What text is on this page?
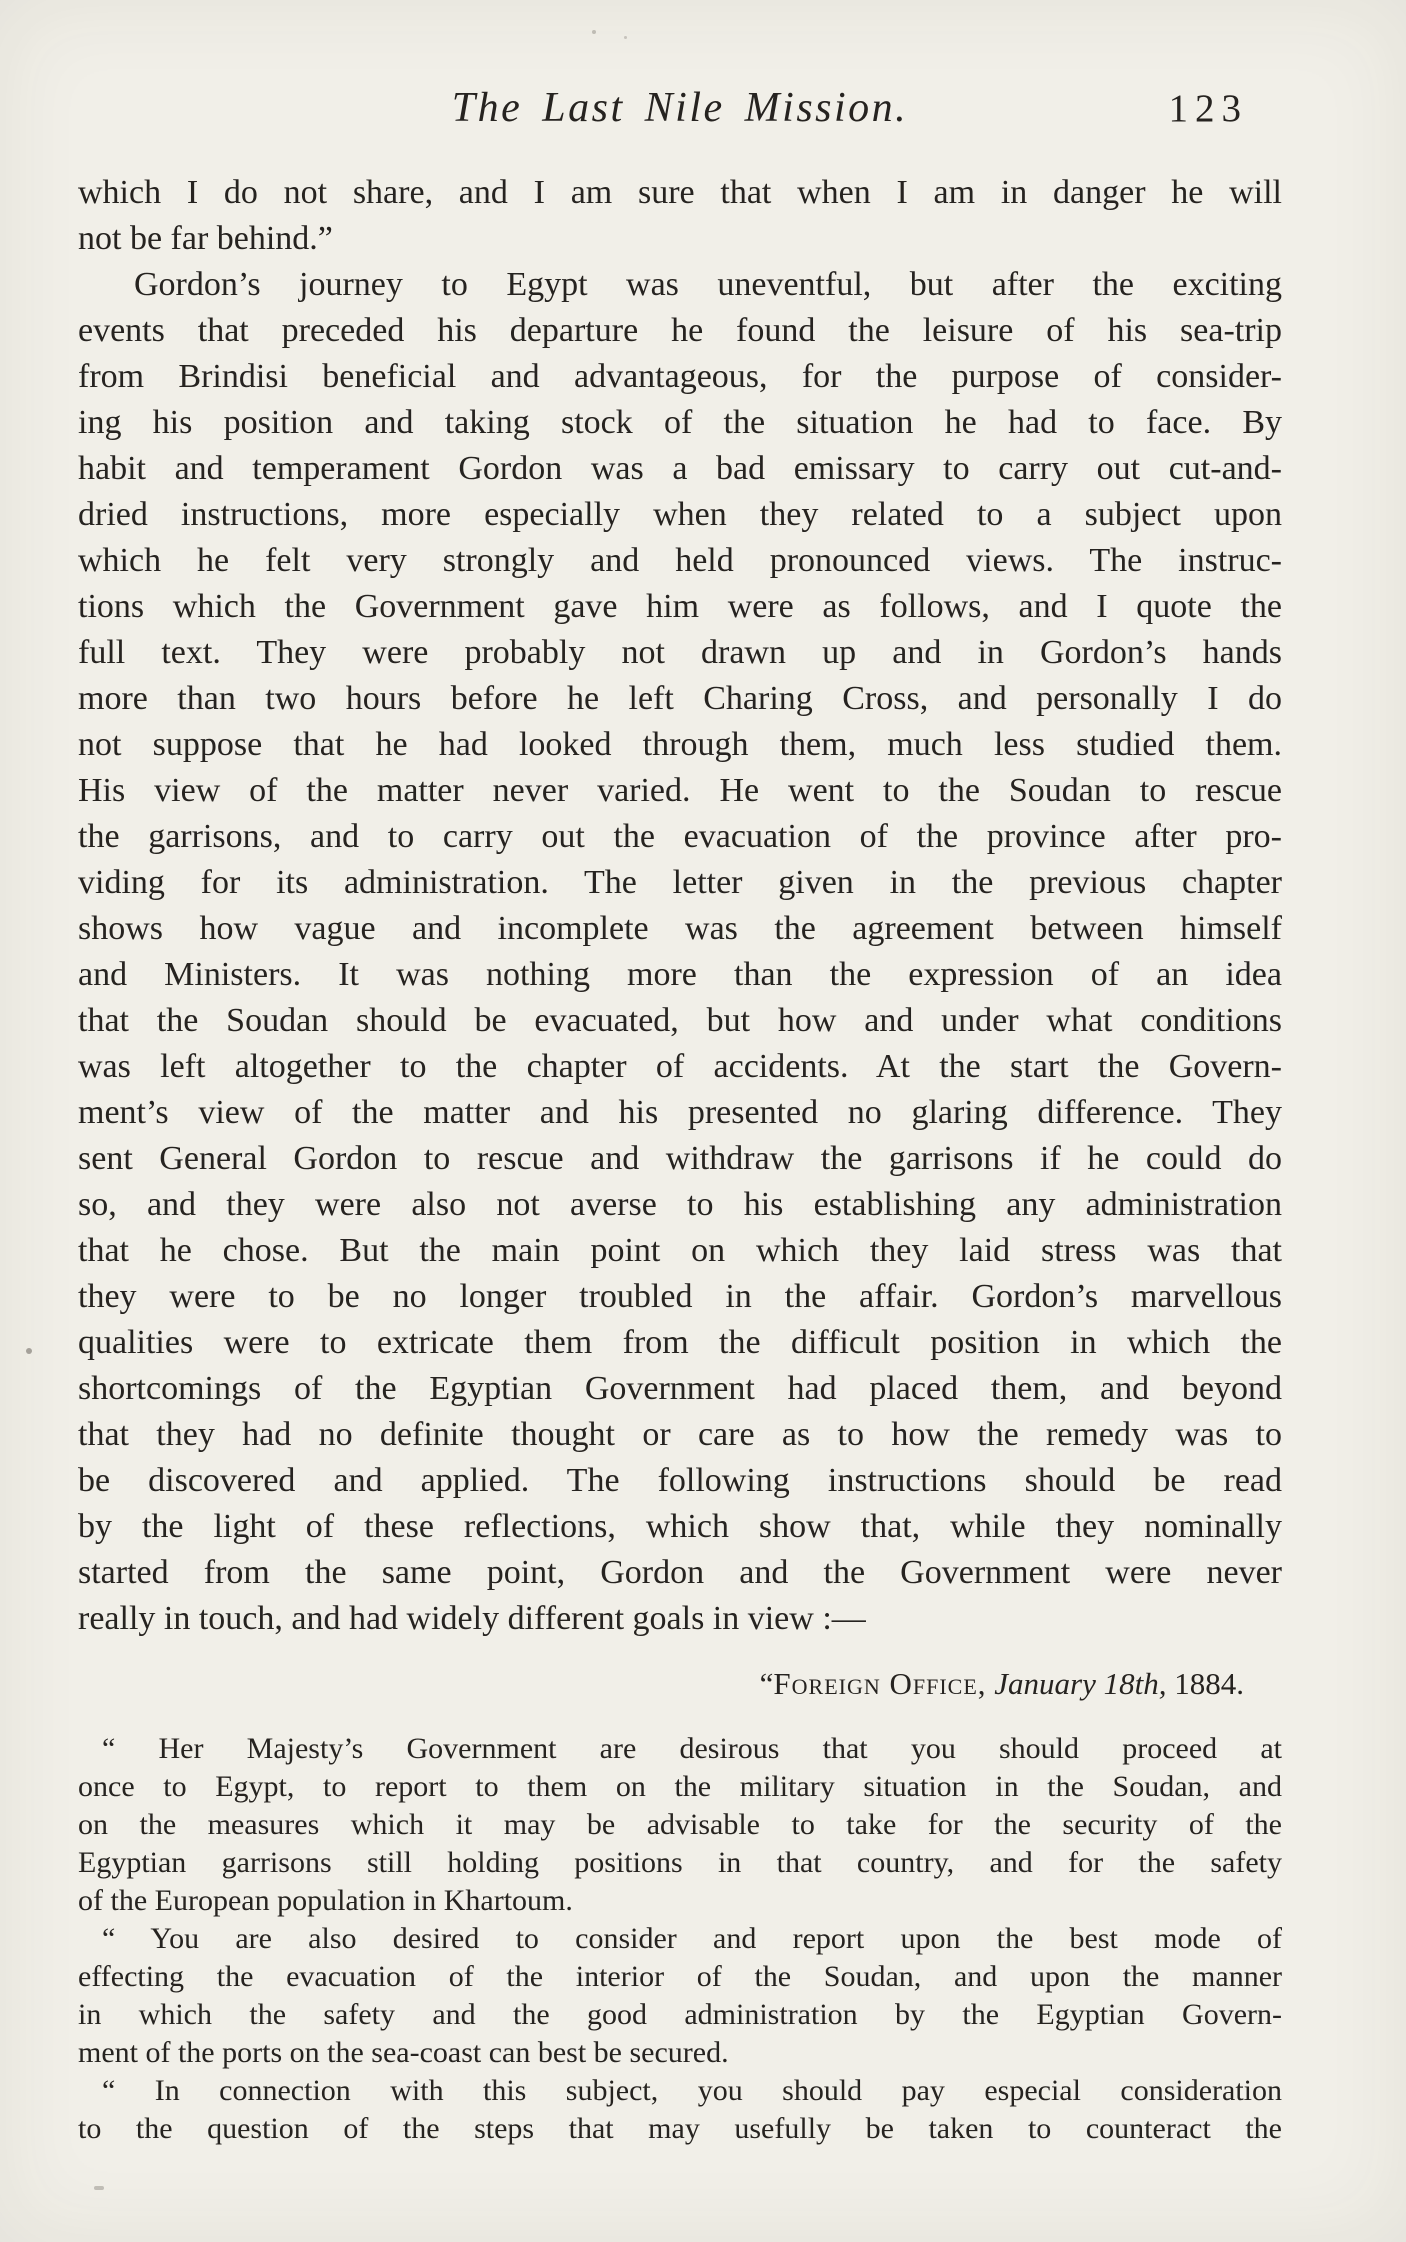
The Last Nile Mission.	123
which I do not share, and I am sure that when I am in danger he will
not be far behind.”
Gordon’s journey to Egypt was uneventful, but after the exciting
events that preceded his departure he found the leisure of his sea-trip
from Brindisi beneficial and advantageous, for the purpose of consider-
ing his position and taking stock of the situation he had to face. By
habit and temperament Gordon was a bad emissary to carry out cut-and-
dried instructions, more especially when they related to a subject upon
which he felt very strongly and held pronounced views. The instruc-
tions which the Government gave him were as follows, and I quote the
full text. They were probably not drawn up and in Gordon’s hands
more than two hours before he left Charing Cross, and personally I do
not suppose that he had looked through them, much less studied them.
His view of the matter never varied. He went to the Soudan to rescue
the garrisons, and to carry out the evacuation of the province after pro-
viding for its administration. The letter given in the previous chapter
shows how vague and incomplete was the agreement between himself
and Ministers. It was nothing more than the expression of an idea
that the Soudan should be evacuated, but how and under what conditions
was left altogether to the chapter of accidents. At the start the Govern-
ment’s view of the matter and his presented no glaring difference. They
sent General Gordon to rescue and withdraw the garrisons if he could do
so, and they were also not averse to his establishing any administration
that he chose. But the main point on which they laid stress was that
they were to be no longer troubled in the affair. Gordon’s marvellous
qualities were to extricate them from the difficult position in which the
shortcomings of the Egyptian Government had placed them, and beyond
that they had no definite thought or care as to how the remedy was to
be discovered and applied. The following instructions should be read
by the light of these reflections, which show that, while they nominally
started from the same point, Gordon and the Government were never
really in touch, and had widely different goals in view :—
“Foreign Office, January 18th, 1884.
“ Her Majesty’s Government are desirous that you should proceed at
once to Egypt, to report to them on the military situation in the Soudan, and
on the measures which it may be advisable to take for the security of the
Egyptian garrisons still holding positions in that country, and for the safety
of the European population in Khartoum.
“ You are also desired to consider and report upon the best mode of
effecting the evacuation of the interior of the Soudan, and upon the manner
in which the safety and the good administration by the Egyptian Govern-
ment of the ports on the sea-coast can best be secured.
“ In connection with this subject, you should pay especial consideration
to the question of the steps that may usefully be taken to counteract the
